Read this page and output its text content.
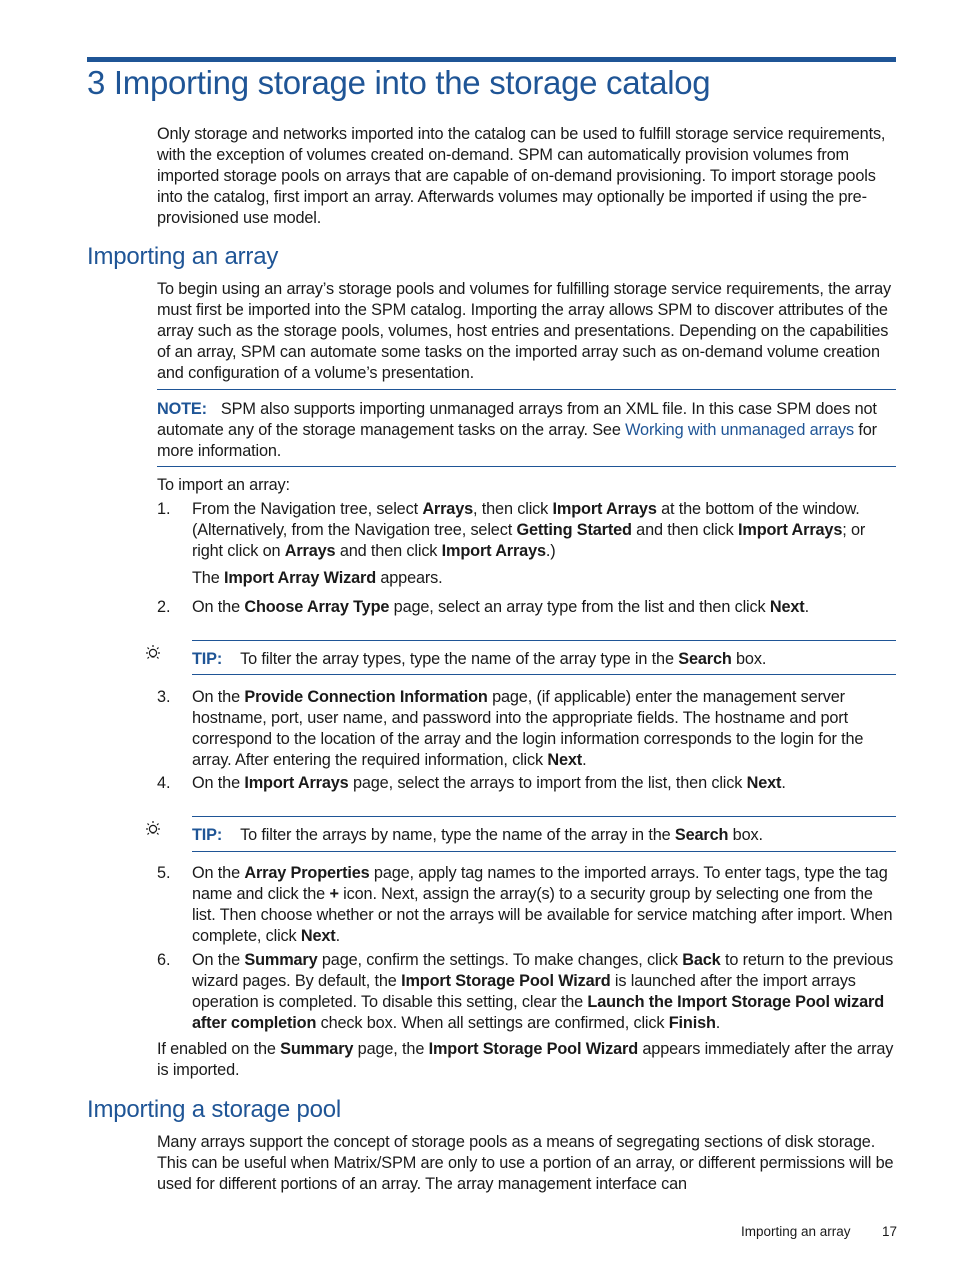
3 Importing storage into the storage catalog

Only storage and networks imported into the catalog can be used to fulfill storage service requirements, with the exception of volumes created on-demand. SPM can automatically provision volumes from imported storage pools on arrays that are capable of on-demand provisioning. To import storage pools into the catalog, first import an array. Afterwards volumes may optionally be imported if using the pre-provisioned use model.

Importing an array

To begin using an array’s storage pools and volumes for fulfilling storage service requirements, the array must first be imported into the SPM catalog. Importing the array allows SPM to discover attributes of the array such as the storage pools, volumes, host entries and presentations. Depending on the capabilities of an array, SPM can automate some tasks on the imported array such as on-demand volume creation and configuration of a volume’s presentation.

NOTE: SPM also supports importing unmanaged arrays from an XML file. In this case SPM does not automate any of the storage management tasks on the array. See Working with unmanaged arrays for more information.

To import an array:

1. From the Navigation tree, select Arrays, then click Import Arrays at the bottom of the window. (Alternatively, from the Navigation tree, select Getting Started and then click Import Arrays; or right click on Arrays and then click Import Arrays.)
The Import Array Wizard appears.
2. On the Choose Array Type page, select an array type from the list and then click Next.
TIP: To filter the array types, type the name of the array type in the Search box.
3. On the Provide Connection Information page, (if applicable) enter the management server hostname, port, user name, and password into the appropriate fields. The hostname and port correspond to the location of the array and the login information corresponds to the login for the array. After entering the required information, click Next.
4. On the Import Arrays page, select the arrays to import from the list, then click Next.
TIP: To filter the arrays by name, type the name of the array in the Search box.
5. On the Array Properties page, apply tag names to the imported arrays. To enter tags, type the tag name and click the + icon. Next, assign the array(s) to a security group by selecting one from the list. Then choose whether or not the arrays will be available for service matching after import. When complete, click Next.
6. On the Summary page, confirm the settings. To make changes, click Back to return to the previous wizard pages. By default, the Import Storage Pool Wizard is launched after the import arrays operation is completed. To disable this setting, clear the Launch the Import Storage Pool wizard after completion check box. When all settings are confirmed, click Finish.

If enabled on the Summary page, the Import Storage Pool Wizard appears immediately after the array is imported.

Importing a storage pool

Many arrays support the concept of storage pools as a means of segregating sections of disk storage. This can be useful when Matrix/SPM are only to use a portion of an array, or different permissions will be used for different portions of an array. The array management interface can

Importing an array 17
